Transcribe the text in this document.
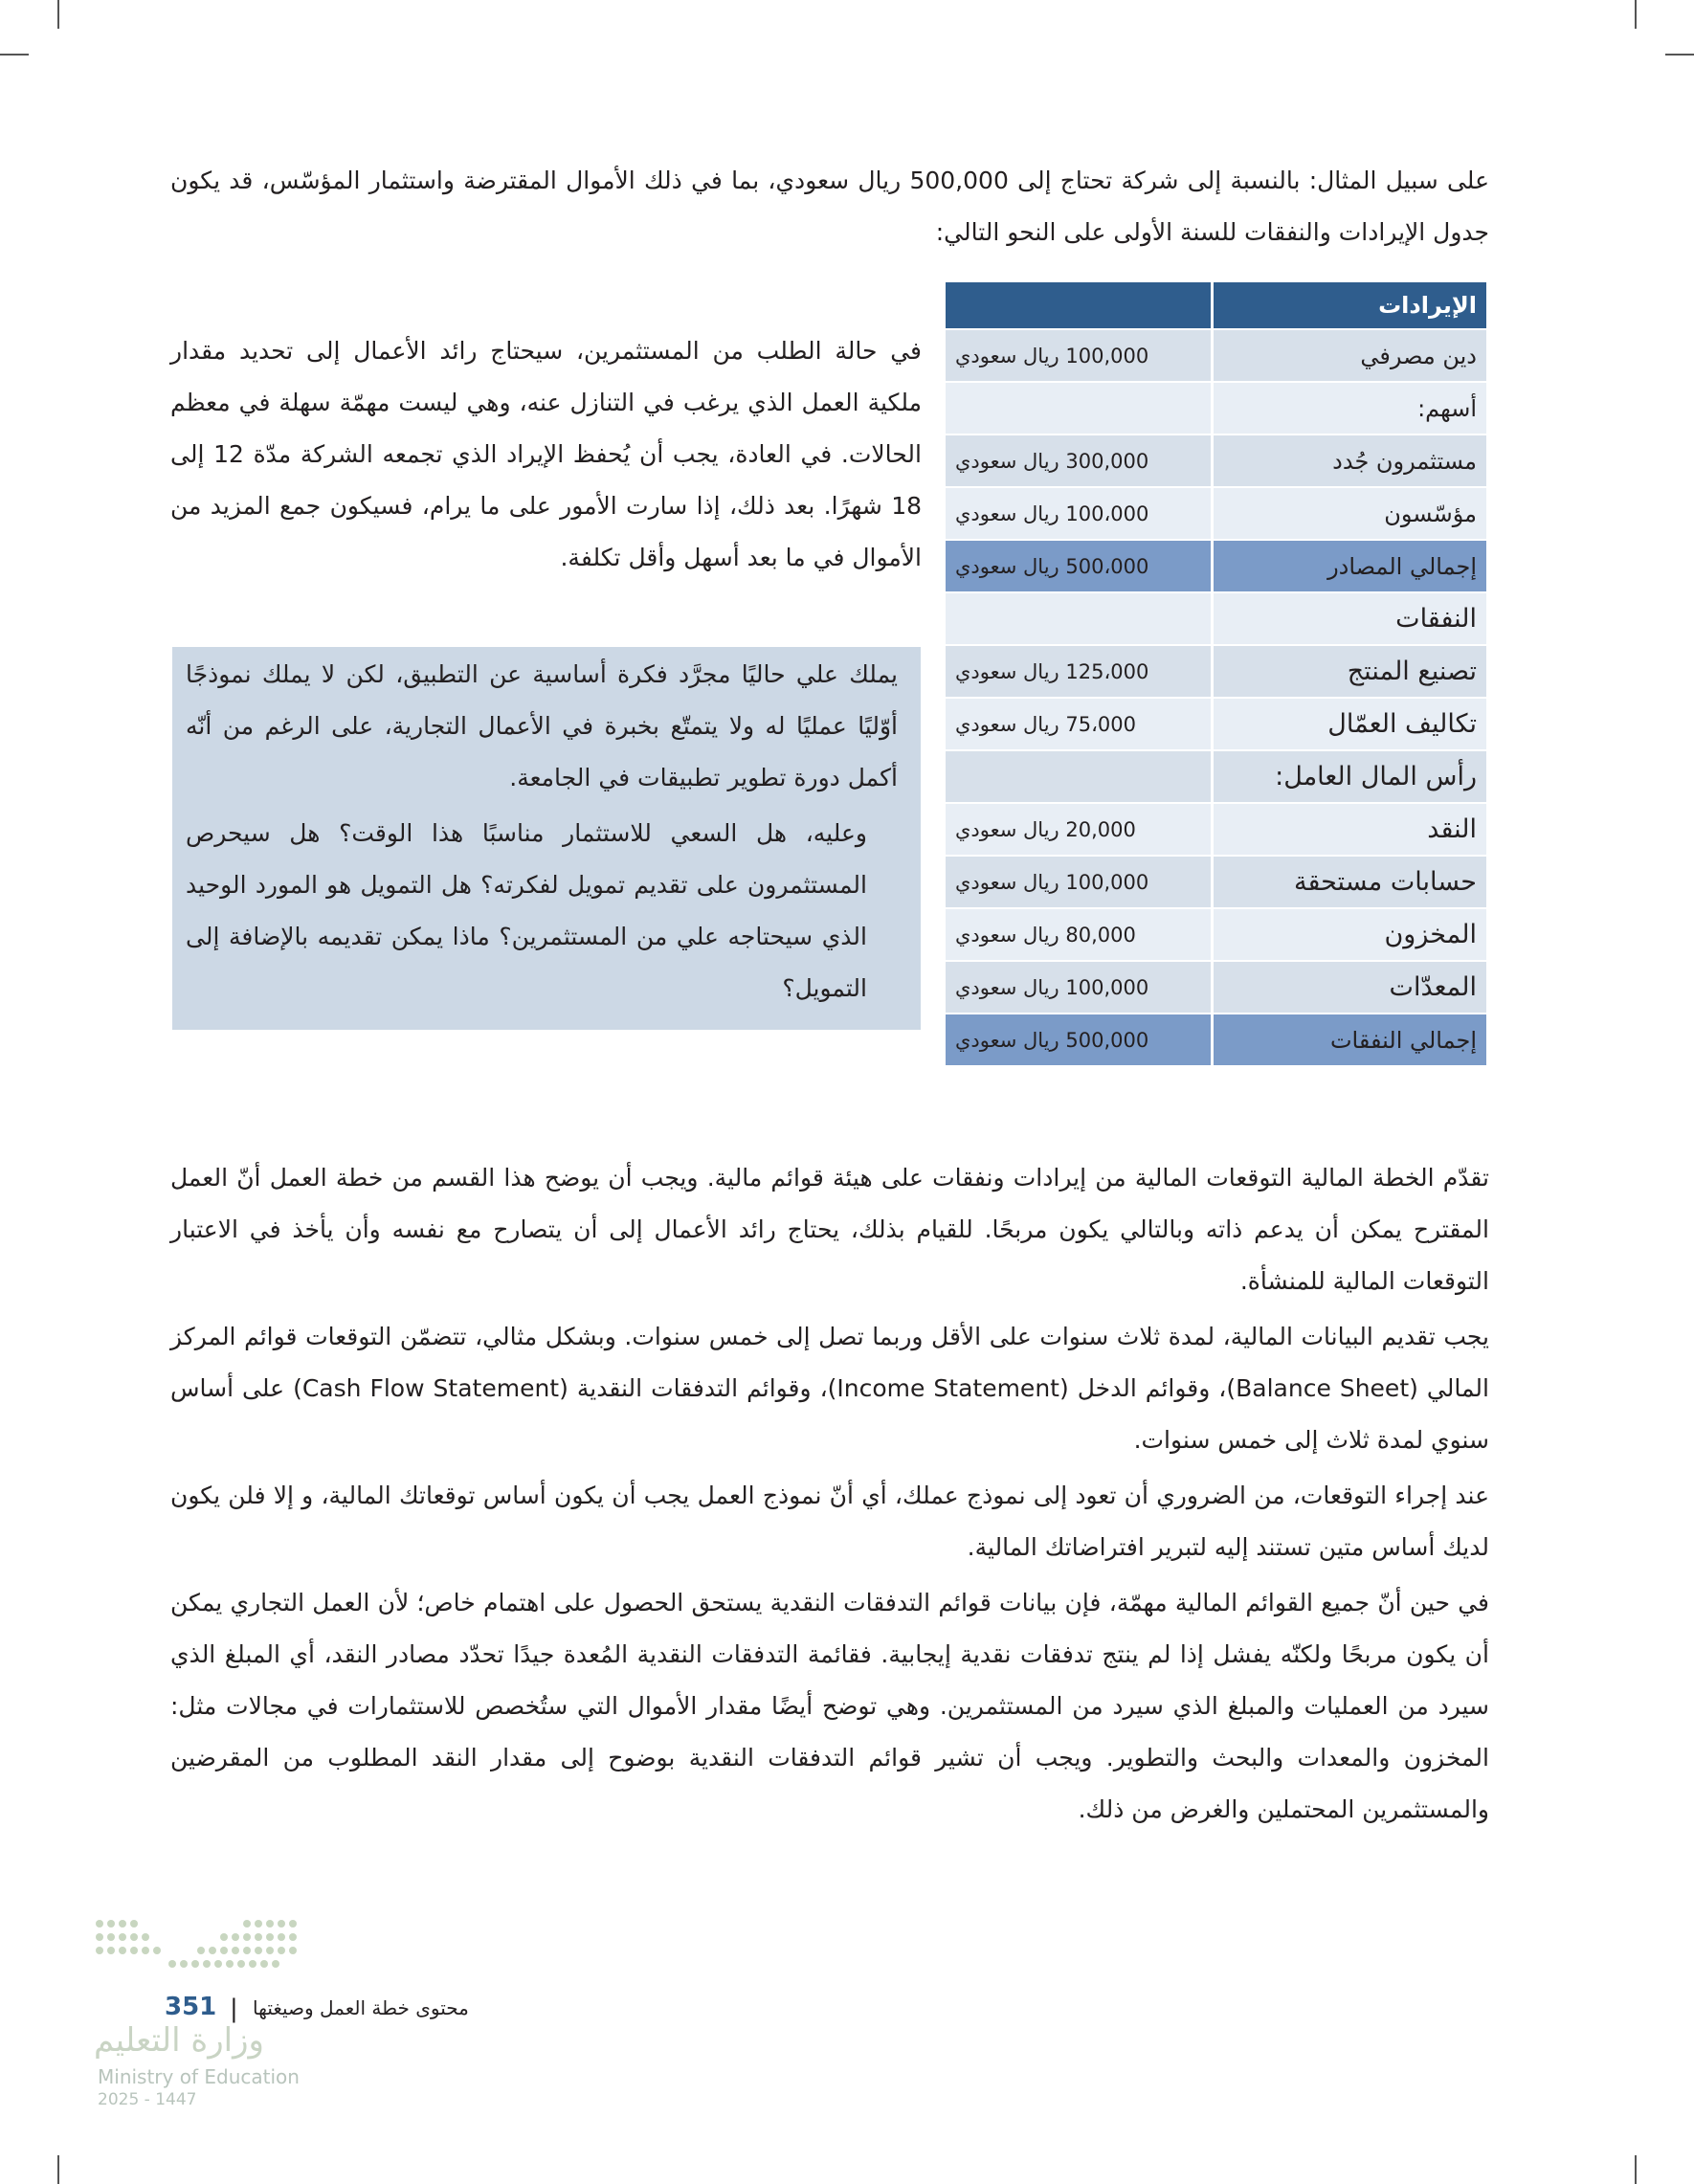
على سبيل المثال: بالنسبة إلى شركة تحتاج إلى 500,000 ريال سعودي، بما في ذلك الأموال المقترضة واستثمار المؤسّس، قد يكون جدول الإيرادات والنفقات للسنة الأولى على النحو التالي:

في حالة الطلب من المستثمرين، سيحتاج رائد الأعمال إلى تحديد مقدار ملكية العمل الذي يرغب في التنازل عنه، وهي ليست مهمّة سهلة في معظم الحالات. في العادة، يجب أن يُحفظ الإيراد الذي تجمعه الشركة مدّة 12 إلى 18 شهرًا. بعد ذلك، إذا سارت الأمور على ما يرام، فسيكون جمع المزيد من الأموال في ما بعد أسهل وأقل تكلفة.

يملك علي حاليًا مجرَّد فكرة أساسية عن التطبيق، لكن لا يملك نموذجًا أوّليًا عمليًا له ولا يتمتّع بخبرة في الأعمال التجارية، على الرغم من أنّه أكمل دورة تطوير تطبيقات في الجامعة.

وعليه، هل السعي للاستثمار مناسبًا هذا الوقت؟ هل سيحرص المستثمرون على تقديم تمويل لفكرته؟ هل التمويل هو المورد الوحيد الذي سيحتاجه علي من المستثمرين؟ ماذا يمكن تقديمه بالإضافة إلى التمويل؟

الإيرادات	
دين مصرفي	100,000 ريال سعودي
أسهم:	
مستثمرون جُدد	300,000 ريال سعودي
مؤسّسون	100،000 ريال سعودي
إجمالي المصادر	500،000 ريال سعودي
النفقات	
تصنيع المنتج	125،000 ريال سعودي
تكاليف العمّال	75،000 ريال سعودي
رأس المال العامل:	
النقد	20,000 ريال سعودي
حسابات مستحقة	100,000 ريال سعودي
المخزون	80,000 ريال سعودي
المعدّات	100,000 ريال سعودي
إجمالي النفقات	500,000 ريال سعودي

تقدّم الخطة المالية التوقعات المالية من إيرادات ونفقات على هيئة قوائم مالية. ويجب أن يوضح هذا القسم من خطة العمل أنّ العمل المقترح يمكن أن يدعم ذاته وبالتالي يكون مربحًا. للقيام بذلك، يحتاج رائد الأعمال إلى أن يتصارح مع نفسه وأن يأخذ في الاعتبار التوقعات المالية للمنشأة.

يجب تقديم البيانات المالية، لمدة ثلاث سنوات على الأقل وربما تصل إلى خمس سنوات. وبشكل مثالي، تتضمّن التوقعات قوائم المركز المالي (Balance Sheet)، وقوائم الدخل (Income Statement)، وقوائم التدفقات النقدية (Cash Flow Statement) على أساس سنوي لمدة ثلاث إلى خمس سنوات.

عند إجراء التوقعات، من الضروري أن تعود إلى نموذج عملك، أي أنّ نموذج العمل يجب أن يكون أساس توقعاتك المالية، و إلا فلن يكون لديك أساس متين تستند إليه لتبرير افتراضاتك المالية.

في حين أنّ جميع القوائم المالية مهمّة، فإن بيانات قوائم التدفقات النقدية يستحق الحصول على اهتمام خاص؛ لأن العمل التجاري يمكن أن يكون مربحًا ولكنّه يفشل إذا لم ينتج تدفقات نقدية إيجابية. فقائمة التدفقات النقدية المُعدة جيدًا تحدّد مصادر النقد، أي المبلغ الذي سيرد من العمليات والمبلغ الذي سيرد من المستثمرين. وهي توضح أيضًا مقدار الأموال التي ستُخصص للاستثمارات في مجالات مثل: المخزون والمعدات والبحث والتطوير. ويجب أن تشير قوائم التدفقات النقدية بوضوح إلى مقدار النقد المطلوب من المقرضين والمستثمرين المحتملين والغرض من ذلك.

351 | محتوى خطة العمل وصيغتها
وزارة التعليم
Ministry of Education
2025 - 1447
